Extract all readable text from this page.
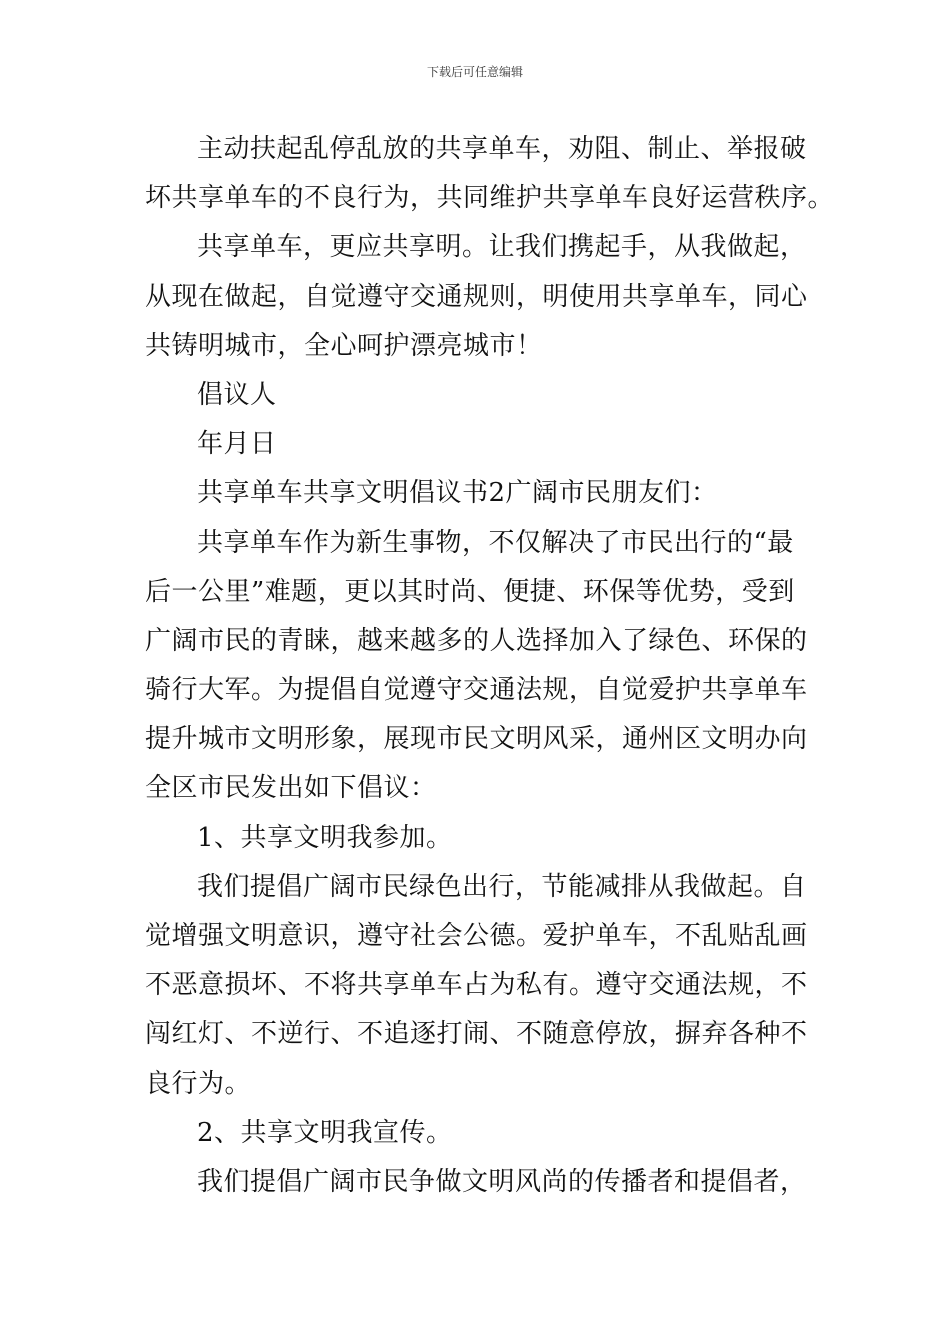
下载后可任意编辑
主动扶起乱停乱放的共享单车，劝阻、制止、举报破
坏共享单车的不良行为，共同维护共享单车良好运营秩序。
共享单车，更应共享明。让我们携起手，从我做起，
从现在做起，自觉遵守交通规则，明使用共享单车，同心
共铸明城市，全心呵护漂亮城市！
倡议人
年月日
共享单车共享文明倡议书2广阔市民朋友们：
共享单车作为新生事物，不仅解决了市民出行的“最
后一公里”难题，更以其时尚、便捷、环保等优势，受到
广阔市民的青睐，越来越多的人选择加入了绿色、环保的
骑行大军。为提倡自觉遵守交通法规，自觉爱护共享单车
提升城市文明形象，展现市民文明风采，通州区文明办向
全区市民发出如下倡议：
1、共享文明我参加。
我们提倡广阔市民绿色出行，节能减排从我做起。自
觉增强文明意识，遵守社会公德。爱护单车，不乱贴乱画
不恶意损坏、不将共享单车占为私有。遵守交通法规，不
闯红灯、不逆行、不追逐打闹、不随意停放，摒弃各种不
良行为。
2、共享文明我宣传。
我们提倡广阔市民争做文明风尚的传播者和提倡者，
